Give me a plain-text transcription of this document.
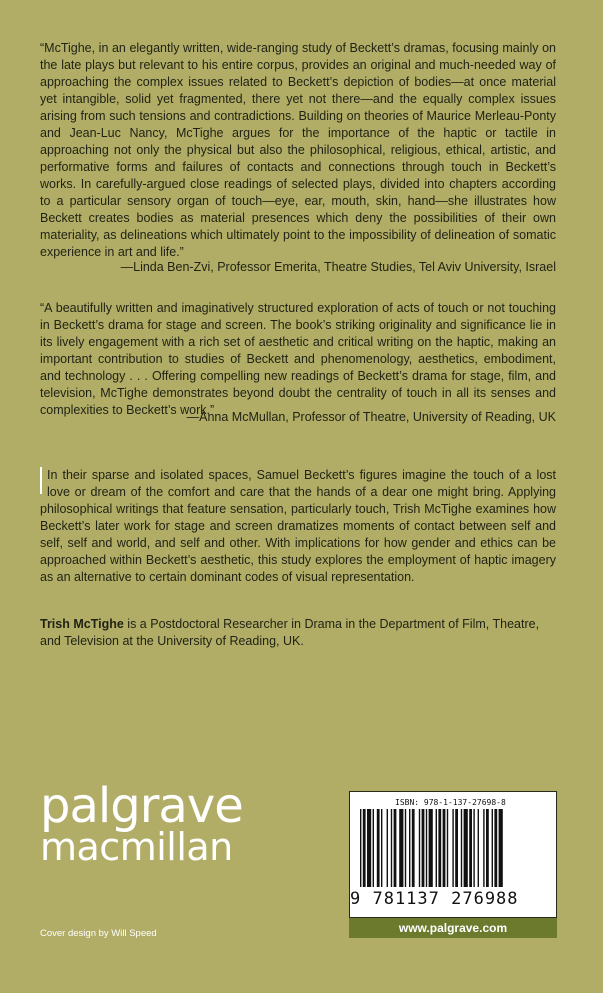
“McTighe, in an elegantly written, wide-ranging study of Beckett’s dramas, focusing mainly on the late plays but relevant to his entire corpus, provides an original and much-needed way of approaching the complex issues related to Beckett’s depiction of bodies—at once material yet intangible, solid yet fragmented, there yet not there—and the equally complex issues arising from such tensions and contradictions. Building on theories of Maurice Merleau-Ponty and Jean-Luc Nancy, McTighe argues for the importance of the haptic or tactile in approaching not only the physical but also the philosophical, religious, ethical, artistic, and performative forms and failures of contacts and connections through touch in Beckett’s works. In carefully-argued close readings of selected plays, divided into chapters according to a particular sensory organ of touch—eye, ear, mouth, skin, hand—she illustrates how Beckett creates bodies as material presences which deny the possibilities of their own materiality, as delineations which ultimately point to the impossibility of delineation of somatic experience in art and life.”

—Linda Ben-Zvi, Professor Emerita, Theatre Studies, Tel Aviv University, Israel

“A beautifully written and imaginatively structured exploration of acts of touch or not touching in Beckett’s drama for stage and screen. The book’s striking originality and significance lie in its lively engagement with a rich set of aesthetic and critical writing on the haptic, making an important contribution to studies of Beckett and phenomenology, aesthetics, embodiment, and technology . . . Offering compelling new readings of Beckett’s drama for stage, film, and television, McTighe demonstrates beyond doubt the centrality of touch in all its senses and complexities to Beckett’s work.”

—Anna McMullan, Professor of Theatre, University of Reading, UK

In their sparse and isolated spaces, Samuel Beckett’s figures imagine the touch of a lost love or dream of the comfort and care that the hands of a dear one might bring. Applying philosophical writings that feature sensation, particularly touch, Trish McTighe examines how Beckett’s later work for stage and screen dramatizes moments of contact between self and self, self and world, and self and other. With implications for how gender and ethics can be approached within Beckett’s aesthetic, this study explores the employment of haptic imagery as an alternative to certain dominant codes of visual representation.

Trish McTighe is a Postdoctoral Researcher in Drama in the Department of Film, Theatre, and Television at the University of Reading, UK.

palgrave
macmillan
Cover design by Will Speed
ISBN: 978-1-137-27698-8
9 781137 276988
www.palgrave.com
